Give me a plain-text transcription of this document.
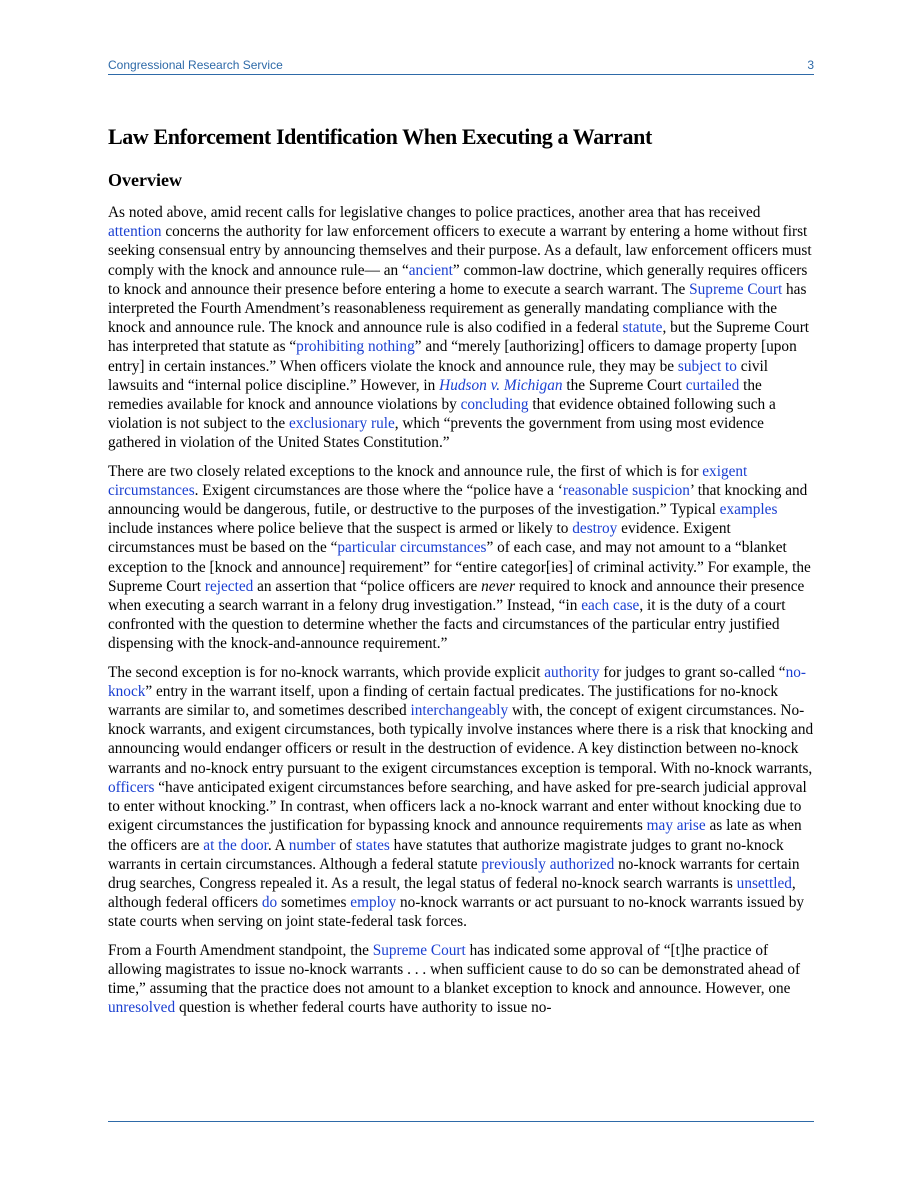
Congressional Research Service	3
Law Enforcement Identification When Executing a Warrant
Overview

As noted above, amid recent calls for legislative changes to police practices, another area that has received attention concerns the authority for law enforcement officers to execute a warrant by entering a home without first seeking consensual entry by announcing themselves and their purpose. As a default, law enforcement officers must comply with the knock and announce rule— an “ancient” common-law doctrine, which generally requires officers to knock and announce their presence before entering a home to execute a search warrant. The Supreme Court has interpreted the Fourth Amendment’s reasonableness requirement as generally mandating compliance with the knock and announce rule. The knock and announce rule is also codified in a federal statute, but the Supreme Court has interpreted that statute as “prohibiting nothing” and “merely [authorizing] officers to damage property [upon entry] in certain instances.” When officers violate the knock and announce rule, they may be subject to civil lawsuits and “internal police discipline.” However, in Hudson v. Michigan the Supreme Court curtailed the remedies available for knock and announce violations by concluding that evidence obtained following such a violation is not subject to the exclusionary rule, which “prevents the government from using most evidence gathered in violation of the United States Constitution.”

There are two closely related exceptions to the knock and announce rule, the first of which is for exigent circumstances. Exigent circumstances are those where the “police have a ‘reasonable suspicion’ that knocking and announcing would be dangerous, futile, or destructive to the purposes of the investigation.” Typical examples include instances where police believe that the suspect is armed or likely to destroy evidence. Exigent circumstances must be based on the “particular circumstances” of each case, and may not amount to a “blanket exception to the [knock and announce] requirement” for “entire categor[ies] of criminal activity.” For example, the Supreme Court rejected an assertion that “police officers are never required to knock and announce their presence when executing a search warrant in a felony drug investigation.” Instead, “in each case, it is the duty of a court confronted with the question to determine whether the facts and circumstances of the particular entry justified dispensing with the knock-and-announce requirement.”

The second exception is for no-knock warrants, which provide explicit authority for judges to grant so-called “no-knock” entry in the warrant itself, upon a finding of certain factual predicates. The justifications for no-knock warrants are similar to, and sometimes described interchangeably with, the concept of exigent circumstances. No-knock warrants, and exigent circumstances, both typically involve instances where there is a risk that knocking and announcing would endanger officers or result in the destruction of evidence. A key distinction between no-knock warrants and no-knock entry pursuant to the exigent circumstances exception is temporal. With no-knock warrants, officers “have anticipated exigent circumstances before searching, and have asked for pre-search judicial approval to enter without knocking.” In contrast, when officers lack a no-knock warrant and enter without knocking due to exigent circumstances the justification for bypassing knock and announce requirements may arise as late as when the officers are at the door. A number of states have statutes that authorize magistrate judges to grant no-knock warrants in certain circumstances. Although a federal statute previously authorized no-knock warrants for certain drug searches, Congress repealed it. As a result, the legal status of federal no-knock search warrants is unsettled, although federal officers do sometimes employ no-knock warrants or act pursuant to no-knock warrants issued by state courts when serving on joint state-federal task forces.

From a Fourth Amendment standpoint, the Supreme Court has indicated some approval of “[t]he practice of allowing magistrates to issue no-knock warrants . . . when sufficient cause to do so can be demonstrated ahead of time,” assuming that the practice does not amount to a blanket exception to knock and announce. However, one unresolved question is whether federal courts have authority to issue no-
